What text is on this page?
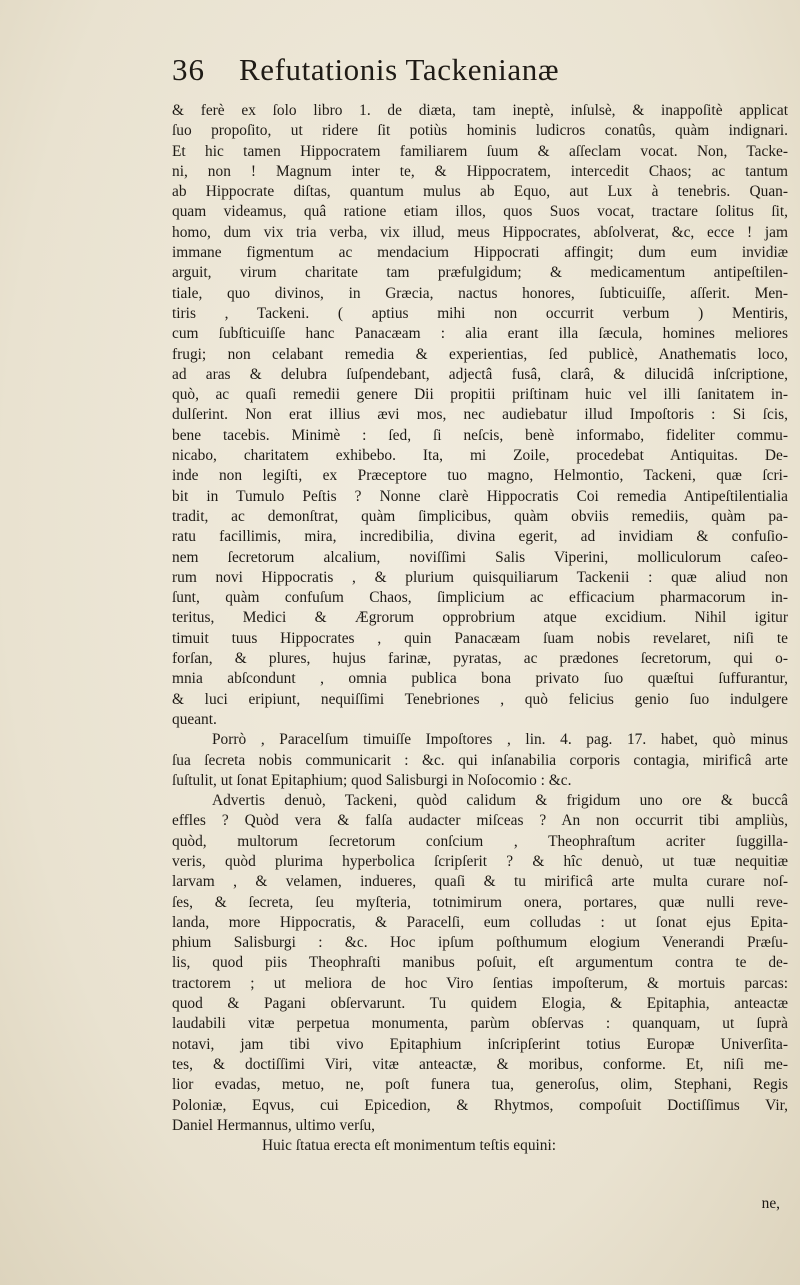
36 Refutationis Tackenianæ
& ferè ex ſolo libro 1. de diæta, tam ineptè, inſulsè, & inappoſitè applicat
ſuo propoſito, ut ridere ſit potiùs hominis ludicros conatûs, quàm indignari.
Et hic tamen Hippocratem familiarem ſuum & aſſeclam vocat. Non, Tacke-
ni, non ! Magnum inter te, & Hippocratem, intercedit Chaos; ac tantum
ab Hippocrate diſtas, quantum mulus ab Equo, aut Lux à tenebris. Quan-
quam videamus, quâ ratione etiam illos, quos Suos vocat, tractare ſolitus ſit,
homo, dum vix tria verba, vix illud, meus Hippocrates, abſolverat, &c, ecce ! jam
immane figmentum ac mendacium Hippocrati affingit; dum eum invidiæ
arguit, virum charitate tam præfulgidum; & medicamentum antipeſtilen-
tiale, quo divinos, in Græcia, nactus honores, ſubticuiſſe, aſſerit. Men-
tiris , Tackeni. ( aptius mihi non occurrit verbum ) Mentiris,
cum ſubſticuiſſe hanc Panacæam : alia erant illa ſæcula, homines meliores
frugi; non celabant remedia & experientias, ſed publicè, Anathematis loco,
ad aras & delubra ſuſpendebant, adjectâ fusâ, clarâ, & dilucidâ inſcriptione,
quò, ac quaſi remedii genere Dii propitii priſtinam huic vel illi ſanitatem in-
dulſerint. Non erat illius ævi mos, nec audiebatur illud Impoſtoris : Si ſcis,
bene tacebis. Minimè : ſed, ſi neſcis, benè informabo, fideliter commu-
nicabo, charitatem exhibebo. Ita, mi Zoile, procedebat Antiquitas. De-
inde non legiſti, ex Præceptore tuo magno, Helmontio, Tackeni, quæ ſcri-
bit in Tumulo Peſtis ? Nonne clarè Hippocratis Coi remedia Antipeſtilentialia
tradit, ac demonſtrat, quàm ſimplicibus, quàm obviis remediis, quàm pa-
ratu facillimis, mira, incredibilia, divina egerit, ad invidiam & confuſio-
nem ſecretorum alcalium, noviſſimi Salis Viperini, molliculorum caſeo-
rum novi Hippocratis , & plurium quisquiliarum Tackenii : quæ aliud non
ſunt, quàm confuſum Chaos, ſimplicium ac efficacium pharmacorum in-
teritus, Medici & Ægrorum opprobrium atque excidium. Nihil igitur
timuit tuus Hippocrates , quin Panacæam ſuam nobis revelaret, niſi te
forſan, & plures, hujus farinæ, pyratas, ac prædones ſecretorum, qui o-
mnia abſcondunt , omnia publica bona privato ſuo quæſtui ſuffurantur,
& luci eripiunt, nequiſſimi Tenebriones , quò felicius genio ſuo indulgere
queant.
Porrò , Paracelſum timuiſſe Impoſtores , lin. 4. pag. 17. habet, quò minus
ſua ſecreta nobis communicarit : &c. qui inſanabilia corporis contagia, mirificâ arte
ſuſtulit, ut ſonat Epitaphium; quod Salisburgi in Noſocomio : &c.
Advertis denuò, Tackeni, quòd calidum & frigidum uno ore & buccâ
effles ? Quòd vera & falſa audacter miſceas ? An non occurrit tibi ampliùs,
quòd, multorum ſecretorum conſcium , Theophraſtum acriter ſuggilla-
veris, quòd plurima hyperbolica ſcripſerit ? & hîc denuò, ut tuæ nequitiæ
larvam , & velamen, indueres, quaſi & tu mirificâ arte multa curare noſ-
ſes, & ſecreta, ſeu myſteria, totnimirum onera, portares, quæ nulli reve-
landa, more Hippocratis, & Paracelſi, eum colludas : ut ſonat ejus Epita-
phium Salisburgi : &c. Hoc ipſum poſthumum elogium Venerandi Præſu-
lis, quod piis Theophraſti manibus poſuit, eſt argumentum contra te de-
tractorem ; ut meliora de hoc Viro ſentias impoſterum, & mortuis parcas:
quod & Pagani obſervarunt. Tu quidem Elogia, & Epitaphia, anteactæ
laudabili vitæ perpetua monumenta, parùm obſervas : quanquam, ut ſuprà
notavi, jam tibi vivo Epitaphium inſcripſerint totius Europæ Univerſita-
tes, & doctiſſimi Viri, vitæ anteactæ, & moribus, conforme. Et, niſi me-
lior evadas, metuo, ne, poſt funera tua, generoſus, olim, Stephani, Regis
Poloniæ, Eqvus, cui Epicedion, & Rhytmos, compoſuit Doctiſſimus Vir,
Daniel Hermannus, ultimo verſu,
Huic ſtatua erecta eſt monimentum teſtis equini:
ne,
